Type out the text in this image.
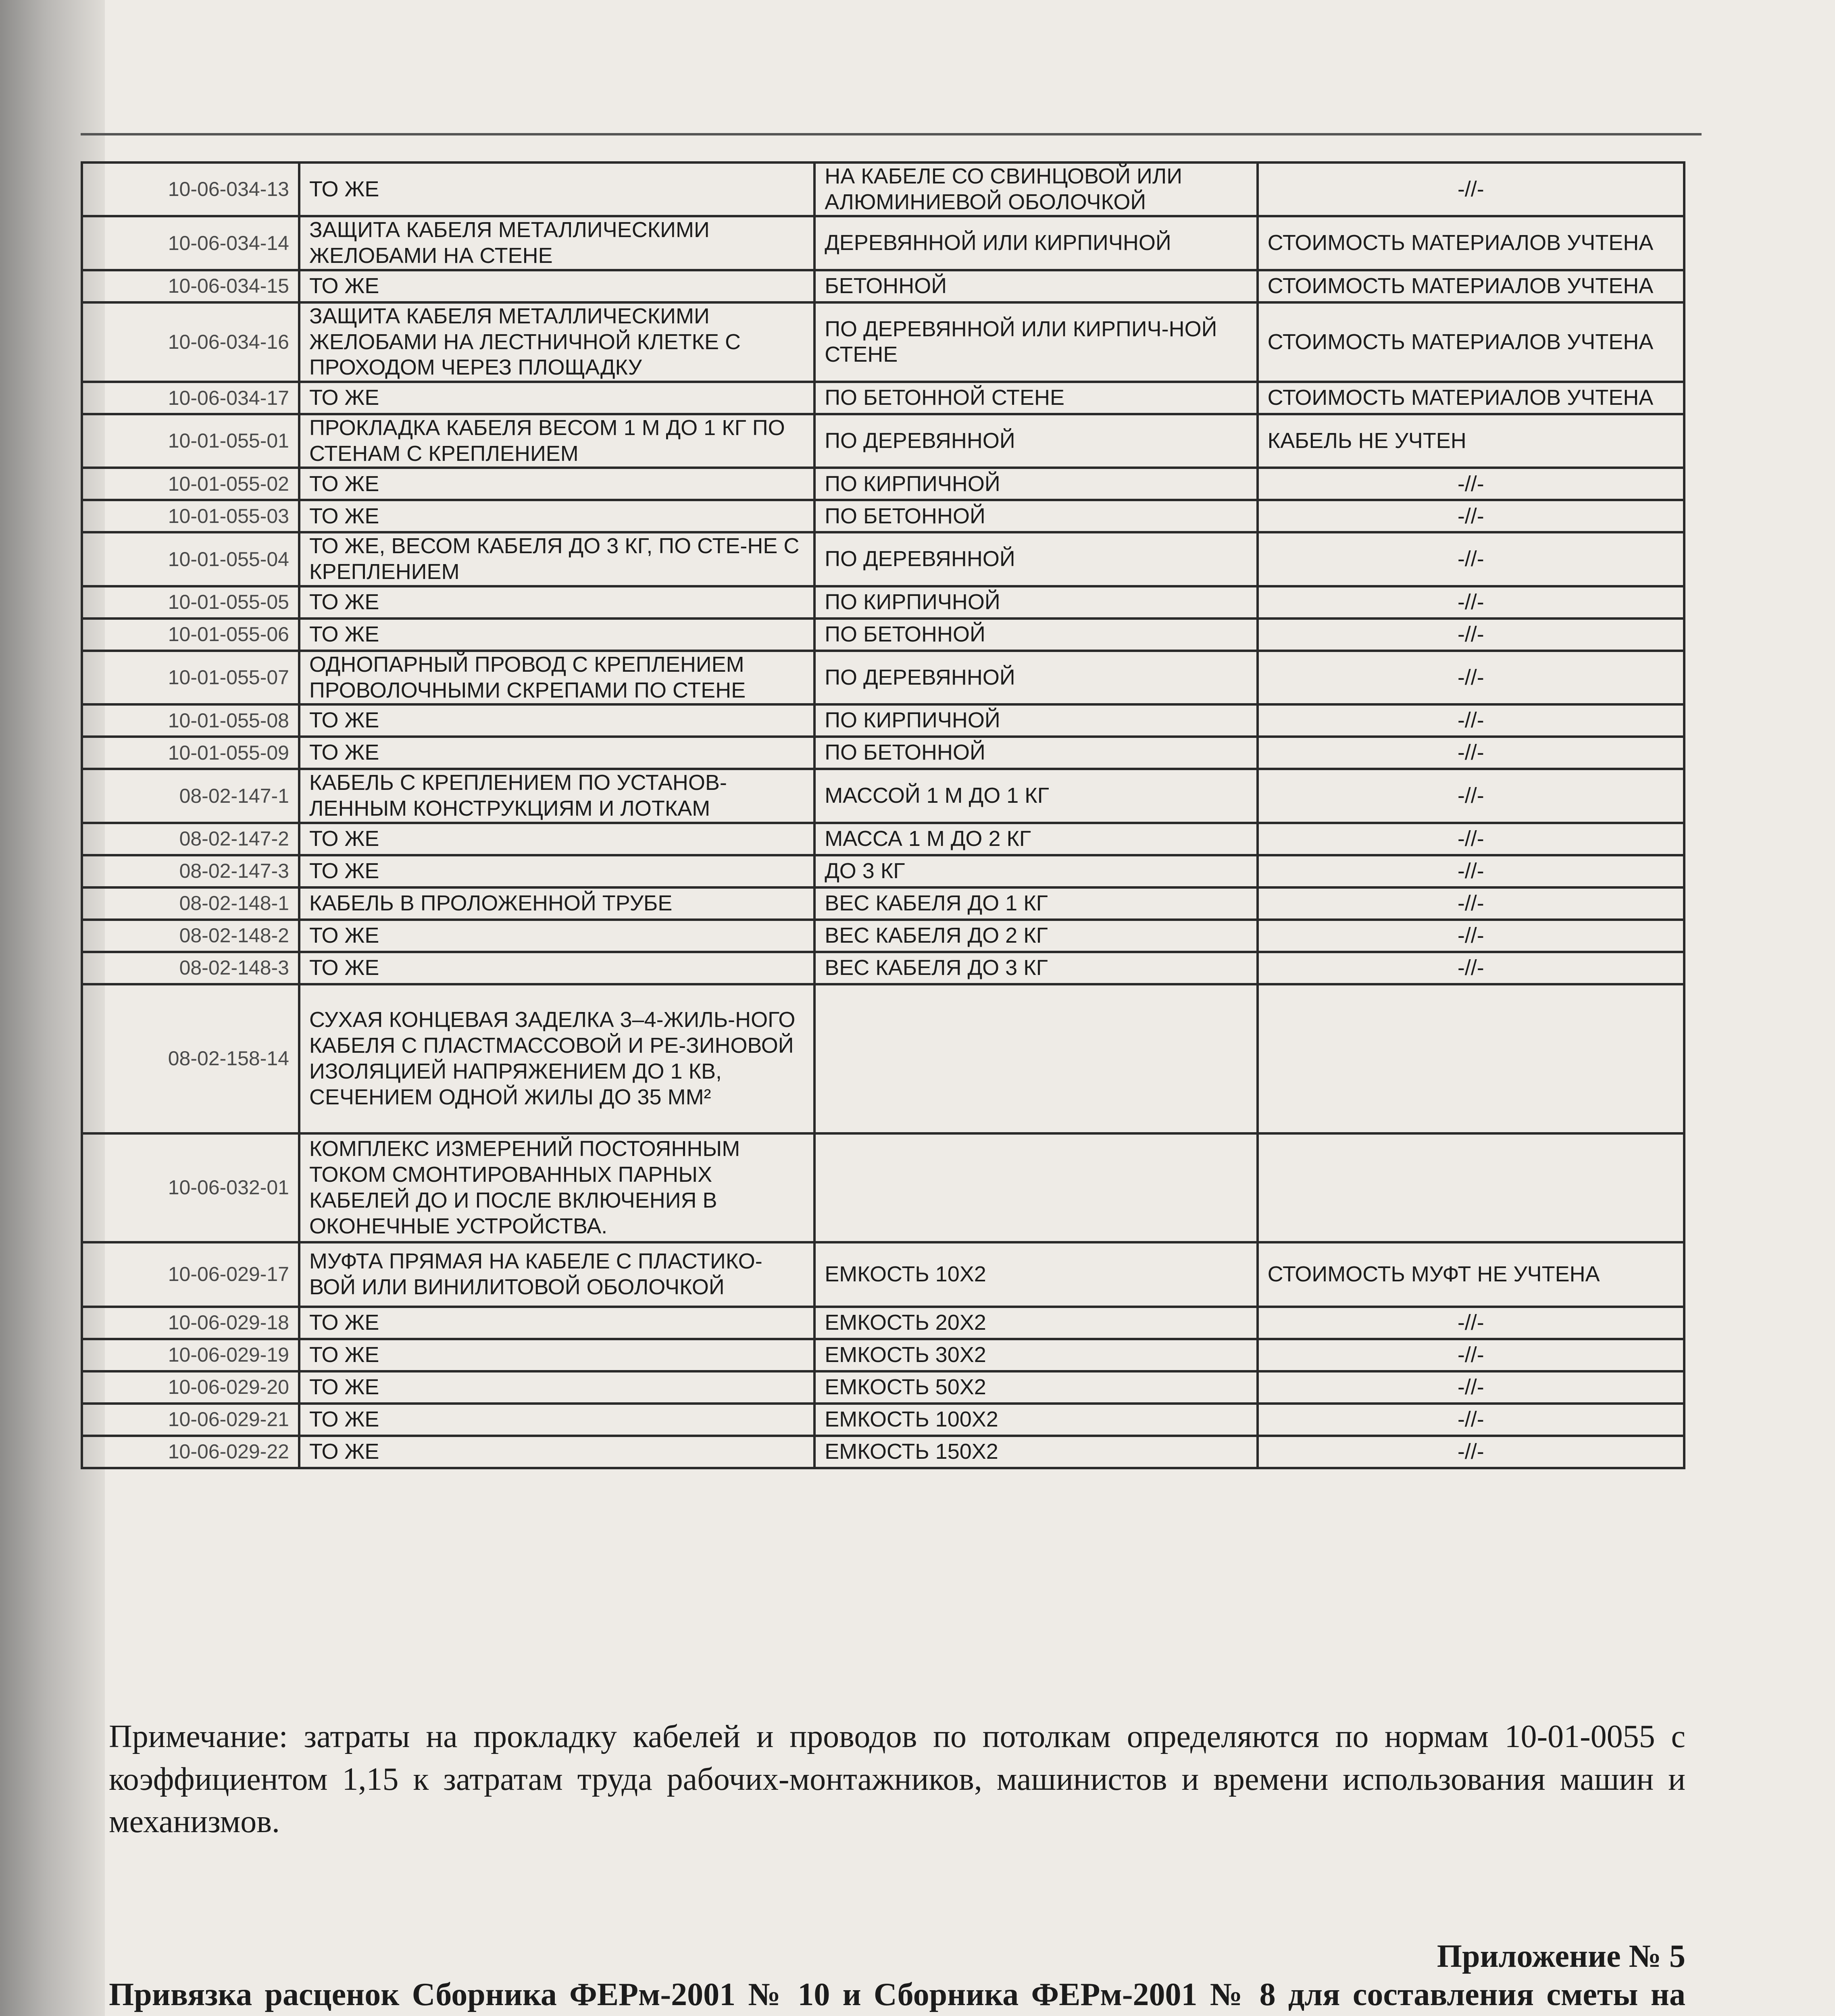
10-06-034-13	ТО ЖЕ	НА КАБЕЛЕ СО СВИНЦОВОЙ ИЛИ АЛЮМИНИЕВОЙ ОБОЛОЧКОЙ	-//-
10-06-034-14	ЗАЩИТА КАБЕЛЯ МЕТАЛЛИЧЕСКИМИ ЖЕЛОБАМИ НА СТЕНЕ	ДЕРЕВЯННОЙ ИЛИ КИРПИЧНОЙ	СТОИМОСТЬ МАТЕРИАЛОВ УЧТЕНА
10-06-034-15	ТО ЖЕ	БЕТОННОЙ	СТОИМОСТЬ МАТЕРИАЛОВ УЧТЕНА
10-06-034-16	ЗАЩИТА КАБЕЛЯ МЕТАЛЛИЧЕСКИМИ ЖЕЛОБАМИ НА ЛЕСТНИЧНОЙ КЛЕТКЕ С ПРОХОДОМ ЧЕРЕЗ ПЛОЩАДКУ	ПО ДЕРЕВЯННОЙ ИЛИ КИРПИЧ-НОЙ СТЕНЕ	СТОИМОСТЬ МАТЕРИАЛОВ УЧТЕНА
10-06-034-17	ТО ЖЕ	ПО БЕТОННОЙ СТЕНЕ	СТОИМОСТЬ МАТЕРИАЛОВ УЧТЕНА
10-01-055-01	ПРОКЛАДКА КАБЕЛЯ ВЕСОМ 1 М ДО 1 КГ ПО СТЕНАМ С КРЕПЛЕНИЕМ	ПО ДЕРЕВЯННОЙ	КАБЕЛЬ НЕ УЧТЕН
10-01-055-02	ТО ЖЕ	ПО КИРПИЧНОЙ	-//-
10-01-055-03	ТО ЖЕ	ПО БЕТОННОЙ	-//-
10-01-055-04	ТО ЖЕ, ВЕСОМ КАБЕЛЯ ДО 3 КГ, ПО СТЕ-НЕ С КРЕПЛЕНИЕМ	ПО ДЕРЕВЯННОЙ	-//-
10-01-055-05	ТО ЖЕ	ПО КИРПИЧНОЙ	-//-
10-01-055-06	ТО ЖЕ	ПО БЕТОННОЙ	-//-
10-01-055-07	ОДНОПАРНЫЙ ПРОВОД С КРЕПЛЕНИЕМ ПРОВОЛОЧНЫМИ СКРЕПАМИ ПО СТЕНЕ	ПО ДЕРЕВЯННОЙ	-//-
10-01-055-08	ТО ЖЕ	ПО КИРПИЧНОЙ	-//-
10-01-055-09	ТО ЖЕ	ПО БЕТОННОЙ	-//-
08-02-147-1	КАБЕЛЬ С КРЕПЛЕНИЕМ ПО УСТАНОВ-ЛЕННЫМ КОНСТРУКЦИЯМ И ЛОТКАМ	МАССОЙ 1 М ДО 1 КГ	-//-
08-02-147-2	ТО ЖЕ	МАССА 1 М ДО 2 КГ	-//-
08-02-147-3	ТО ЖЕ	ДО 3 КГ	-//-
08-02-148-1	КАБЕЛЬ В ПРОЛОЖЕННОЙ ТРУБЕ	ВЕС КАБЕЛЯ ДО 1 КГ	-//-
08-02-148-2	ТО ЖЕ	ВЕС КАБЕЛЯ ДО 2 КГ	-//-
08-02-148-3	ТО ЖЕ	ВЕС КАБЕЛЯ ДО 3 КГ	-//-
08-02-158-14	СУХАЯ КОНЦЕВАЯ ЗАДЕЛКА 3–4-ЖИЛЬ-НОГО КАБЕЛЯ С ПЛАСТМАССОВОЙ И РЕ-ЗИНОВОЙ ИЗОЛЯЦИЕЙ НАПРЯЖЕНИЕМ ДО 1 КВ, СЕЧЕНИЕМ ОДНОЙ ЖИЛЫ ДО 35 ММ²		
10-06-032-01	КОМПЛЕКС ИЗМЕРЕНИЙ ПОСТОЯННЫМ ТОКОМ СМОНТИРОВАННЫХ ПАРНЫХ КАБЕЛЕЙ ДО И ПОСЛЕ ВКЛЮЧЕНИЯ В ОКОНЕЧНЫЕ УСТРОЙСТВА.		
10-06-029-17	МУФТА ПРЯМАЯ НА КАБЕЛЕ С ПЛАСТИКО-ВОЙ ИЛИ ВИНИЛИТОВОЙ ОБОЛОЧКОЙ	ЕМКОСТЬ 10Х2	СТОИМОСТЬ МУФТ НЕ УЧТЕНА
10-06-029-18	ТО ЖЕ	ЕМКОСТЬ 20Х2	-//-
10-06-029-19	ТО ЖЕ	ЕМКОСТЬ 30Х2	-//-
10-06-029-20	ТО ЖЕ	ЕМКОСТЬ 50Х2	-//-
10-06-029-21	ТО ЖЕ	ЕМКОСТЬ 100Х2	-//-
10-06-029-22	ТО ЖЕ	ЕМКОСТЬ 150Х2	-//-
Примечание: затраты на прокладку кабелей и проводов по потолкам определяются по нормам 10-01-0055 с коэффициентом 1,15 к затратам труда рабочих-монтажников, машинистов и времени использования машин и механизмов.
Приложение № 5
Привязка расценок Сборника ФЕРм-2001 № 10 и Сборника ФЕРм-2001 № 8 для составления сметы на
